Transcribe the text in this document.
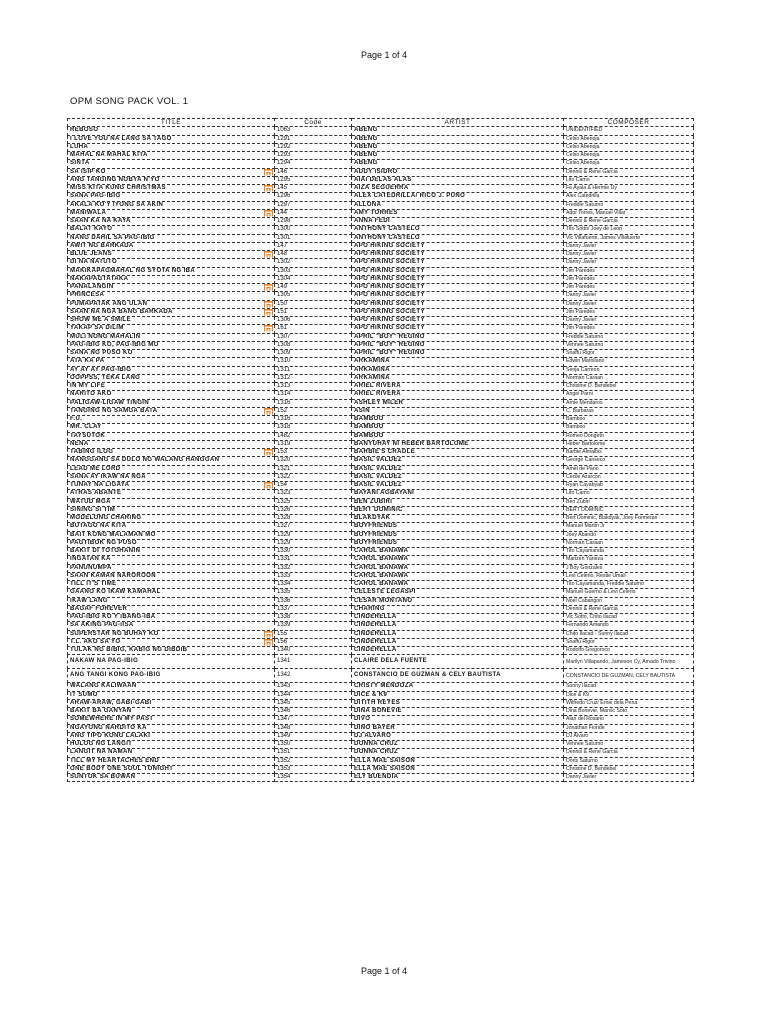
Page 1 of 4
OPM SONG PACK VOL. 1
TITLE	Code	ARTIST	COMPOSER
REBOSO	1063	ABENG	UNIDENTIFIED
I LOVE YOU NA LANG SA TAGO	1291	ABENG	Celso Abenoja
LUHA	1292	ABENG	Celso Abenoja
MAHAL NA MAHAL KITA	1293	ABENG	Celso Abenoja
SINTA	1294	ABENG	Celso Abenoja
SA ISIP KO	146	ADDY ISIDRO	Dennis & Rene Garcia
ANG TANGING NOBYA N'YO	1295	AIAI DELAS ALAS	Lito Camo
MISS KITA KUNG CHRISTMAS	145	AIZA SEGUERRA	Fe Ayala & Hermie Uy
SANA PAG-IBIG	1296	ALEX CATEDRILLA/ RICO J. PUNO	Alex Catedrilla
AKALA KO'Y IYONG SA AKIN	1297	ALLONA	Freddie Saturno
MANIWALA	144	AMY TORRES	Ador Torres, Manuel Villar
SAAN KA NA KAYA	1298	ANNA FEDI	Dennis & Rene Garcia
BALAT KAYO	1300	ANTHONY CASTELO	Tito Sotto/ Joey de Leon
NANG DAHIL SA PAG-IBIG	1301	ANTHONY CASTELO	Vic Villafuerte, James Villafuerte
AWIT NG BARKADA	147	APO HIKING SOCIETY	Danny Javier
BLUE JEANS	148	APO HIKING SOCIETY	Danny Javier
DI NA NATUTO	1302	APO HIKING SOCIETY	Danny Javier
MAKIKAPAGMAHAL NG SYOTA NG IBA	1303	APO HIKING SOCIETY	Jim Paredes
NAKAPAGTATAKA	1304	APO HIKING SOCIETY	Jim Paredes
PANALANGIN	149	APO HIKING SOCIETY	Jim Paredes
PRINCESA	1305	APO HIKING SOCIETY	Danny Javier
PUMAPATAK ANG ULAN	150	APO HIKING SOCIETY	Danny Javier
SAAN NA NGA BANG BARKADA	151	APO HIKING SOCIETY	Jim Paredes
SHOW ME A SMILE	1306	APO HIKING SOCIETY	Danny Javier
YAKAP SA DILIM	161	APO HIKING SOCIETY	Jim Paredes
MULI NONG MAHALIN	1307	APRIL "BOY" REGINO	Freddie Saturno
PAG-IBIG KO, PAG-IBIG MO	1308	APRIL "BOY" REGINO	Vehnee Saturno
SANA NG PUSO KO	1309	APRIL "BOY" REGINO	Snaffu Rigor
ATA KA PA	1310	ARKAMINA	Edwin Marollano
AY AY AY PAG-IBIG	1311	ARKAMINA	Senja Carreon
OOPPSS, TEKA LANG	1312	ARKAMINA	Norman Caraan
IN MY LIFE	1313	ARIEL RIVERA	Christine D. Bendebel
NARITO AKO	1314	ARIEL RIVERA	Angel Parni
PALIGAW-LIGAW TINGIN	1316	ASHLEY MILER	Arnie Mendaros
TANGING NG SAMGA BATA	152	ASIN	C. Barbaras
F.U.	1316	BAMBOO	Bamboo
MR. CLAY	1318	BAMBOO	Bamboo
TAYSUTOK	1482	BAMBOO	Romeo Dongeto
NENA	1319	BANYUHAY NI HEBER BARTOLOME	Heber Bartolome
TABING ILOG	153	BARBIE'S CRADLE	Barbie Almalbis
NANGGANG SA DULO NG WALANG HANGGAN	1320	BASIL VALDEZ	George Canseco
LEAD ME LORD	1321	BASIL VALDEZ	Amel de Pano
SANA AY IKAW NA NGA	1322	BASIL VALDEZ	Cecile Azarcon
TUNAY NA LIGAYA	154	BASIL VALDEZ	Ryan Cayabyab
ATRAS ABANTE	1323	BAYANI AGBAYANI	Lito Camo
WATUD MGA	1325	BEN ZUBIRI	Ben Zubiri
SINING SI TIM	1326	BERT DOMINIC	BERT DOMINIC
MODELONG CHARING	1328	BLAKDYAK	Bert Dominic, Blakdyak, Joey Formeran
BUTAGO NA KITA	1327	BOYFRIENDS	Manuel Martin Jr
BAIT KONG MALAMAN MO	1329	BOYFRIENDS	Joey Abando
PAGTIBOK NG PUSO	1329	BOYFRIENDS	Norman Caraan
BAKIT DI TOTOHANIN	1330	CAROL BANAWA	Tito Cayamanda
INGATAN KA	1331	CAROL BANAWA	Marizen Yaneza
PANUNUMPA	1332	CAROL BANAWA	J Boy Gonzales
SAAN KAMAN NAROROON	1333	CAROL BANAWA	Levi Celerio, Restie Umali
TILL IT'S TIME	1334	CAROL BANAWA	Tito Cayamanda, Freddie Saturno
GAANO KO IKAW KAMAHAL	1335	CELESTE LEGASPI	Manuel Guerno & Levi Celerio
IKAW LANG	1336	CESAR MONTANO	Noel Cabangon
BAGAF FOREVER	1337	CHARING	Dennis & Rene Garcia
PAG-IBIG KO Y IBANG-IBA	1338	CINDERELLA	Vic Sotto, Chito Ilacad
SA AKING PAG-IISA	1339	CINDERELLA	Fernando Amando
SUPERSTAR NG BUHAY KO	155	CINDERELLA	Chito Ilacad - Sunny Ilacad
T.L. AKO SA'YO	156	CINDERELLA	Snaffu Rigor
TULAK NG BIBIG, KABIG NG DIBDIB	1340	CINDERELLA	Rodolfo Gregoroco
NAKAW NA PAG-IBIG	1341	CLAIRE DELA FUENTE	Marilyn Villapando, Jameson Cy, Amado Trivino
ANG TANGI KONG PAG-IBIG	1342	CONSTANCIO DE GUZMAN & CELY BAUTISTA	CONSTANCIO DE GUZMAN, CELY BAUTISTA
WALANG KALIWAAN	1343	CRISTY MENDOZA	Sunny Ilacad
IT SUMO	1344	DICE & K9	Dice & K9
ARAW-ARAW, GABI-GABI	1345	DITITH REYES	Wilfredo Cruz/ Ernie dela Pena
BAKIT BA GANYAN	1346	DINA BONEVIE	Dina Bonevie, Marvic Soto
SOMEWHERE IN MY PAST	1347	DIVO	Alan del Rosario
NGAYONG NARDITO KA	1348	DINO BAYER	Jonathan Fioride
ANG TIPO KONG LALAKI	1349	DJ ALVARO	DJ Alvaro
HULOG NG LANGIT	1350	DONNA CRUZ	Vehnee Saturno
LANGIT NA NAMAN	1351	DONNA CRUZ	Dennis & Rene Garcia
TILL MY HEARTACHES END	1352	ELLA MAE SAISON	Doris Saturno
ONE BODY ONE SOUL TONIGHT	1353	ELLA MAE SAISON	Christine D. Bendebel
SUNTOK SA BUWAN	1354	ELY BUENDIA	Danny Javier
Page 1 of 4
